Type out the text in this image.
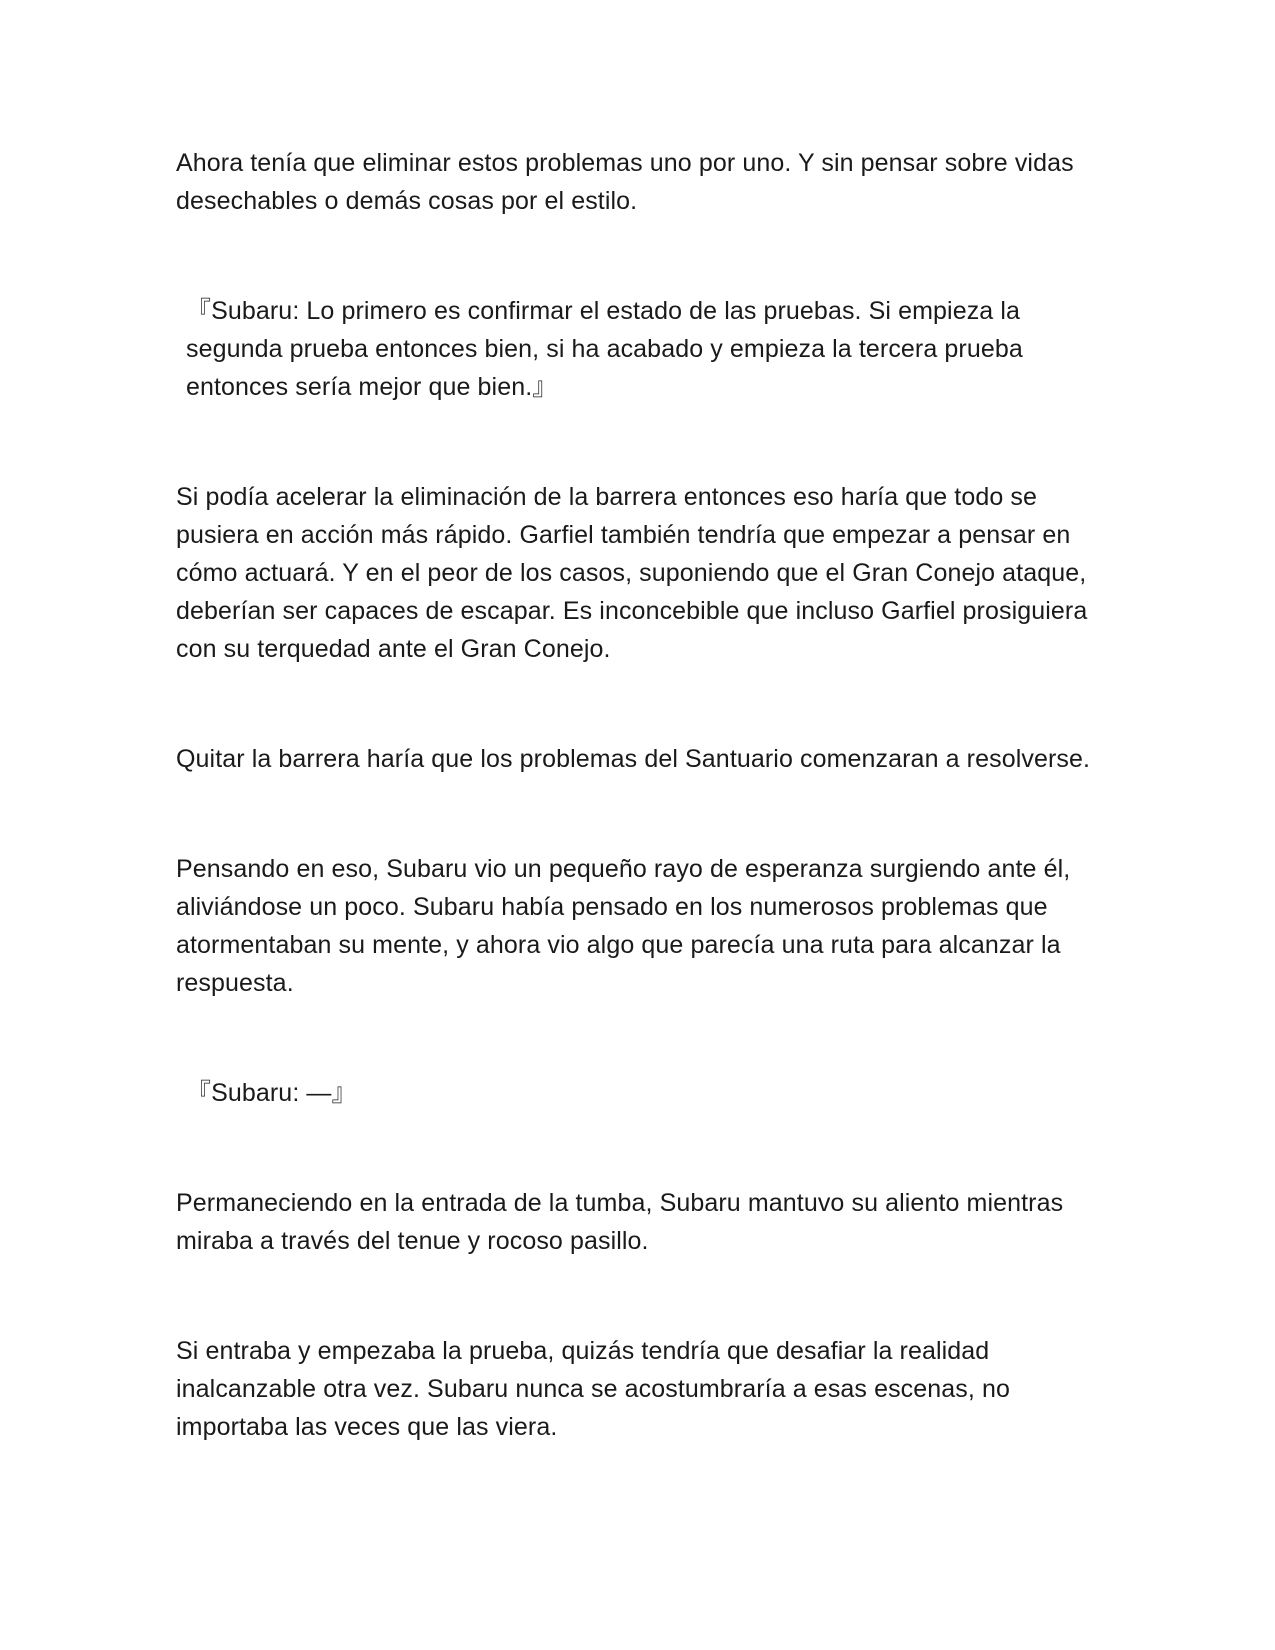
Ahora tenía que eliminar estos problemas uno por uno. Y sin pensar sobre vidas desechables o demás cosas por el estilo.

『Subaru: Lo primero es confirmar el estado de las pruebas. Si empieza la segunda prueba entonces bien, si ha acabado y empieza la tercera prueba entonces sería mejor que bien.』

Si podía acelerar la eliminación de la barrera entonces eso haría que todo se pusiera en acción más rápido. Garfiel también tendría que empezar a pensar en cómo actuará. Y en el peor de los casos, suponiendo que el Gran Conejo ataque, deberían ser capaces de escapar. Es inconcebible que incluso Garfiel prosiguiera con su terquedad ante el Gran Conejo.

Quitar la barrera haría que los problemas del Santuario comenzaran a resolverse.

Pensando en eso, Subaru vio un pequeño rayo de esperanza surgiendo ante él, aliviándose un poco. Subaru había pensado en los numerosos problemas que atormentaban su mente, y ahora vio algo que parecía una ruta para alcanzar la respuesta.

『Subaru: —』

Permaneciendo en la entrada de la tumba, Subaru mantuvo su aliento mientras miraba a través del tenue y rocoso pasillo.

Si entraba y empezaba la prueba, quizás tendría que desafiar la realidad inalcanzable otra vez. Subaru nunca se acostumbraría a esas escenas, no importaba las veces que las viera.
